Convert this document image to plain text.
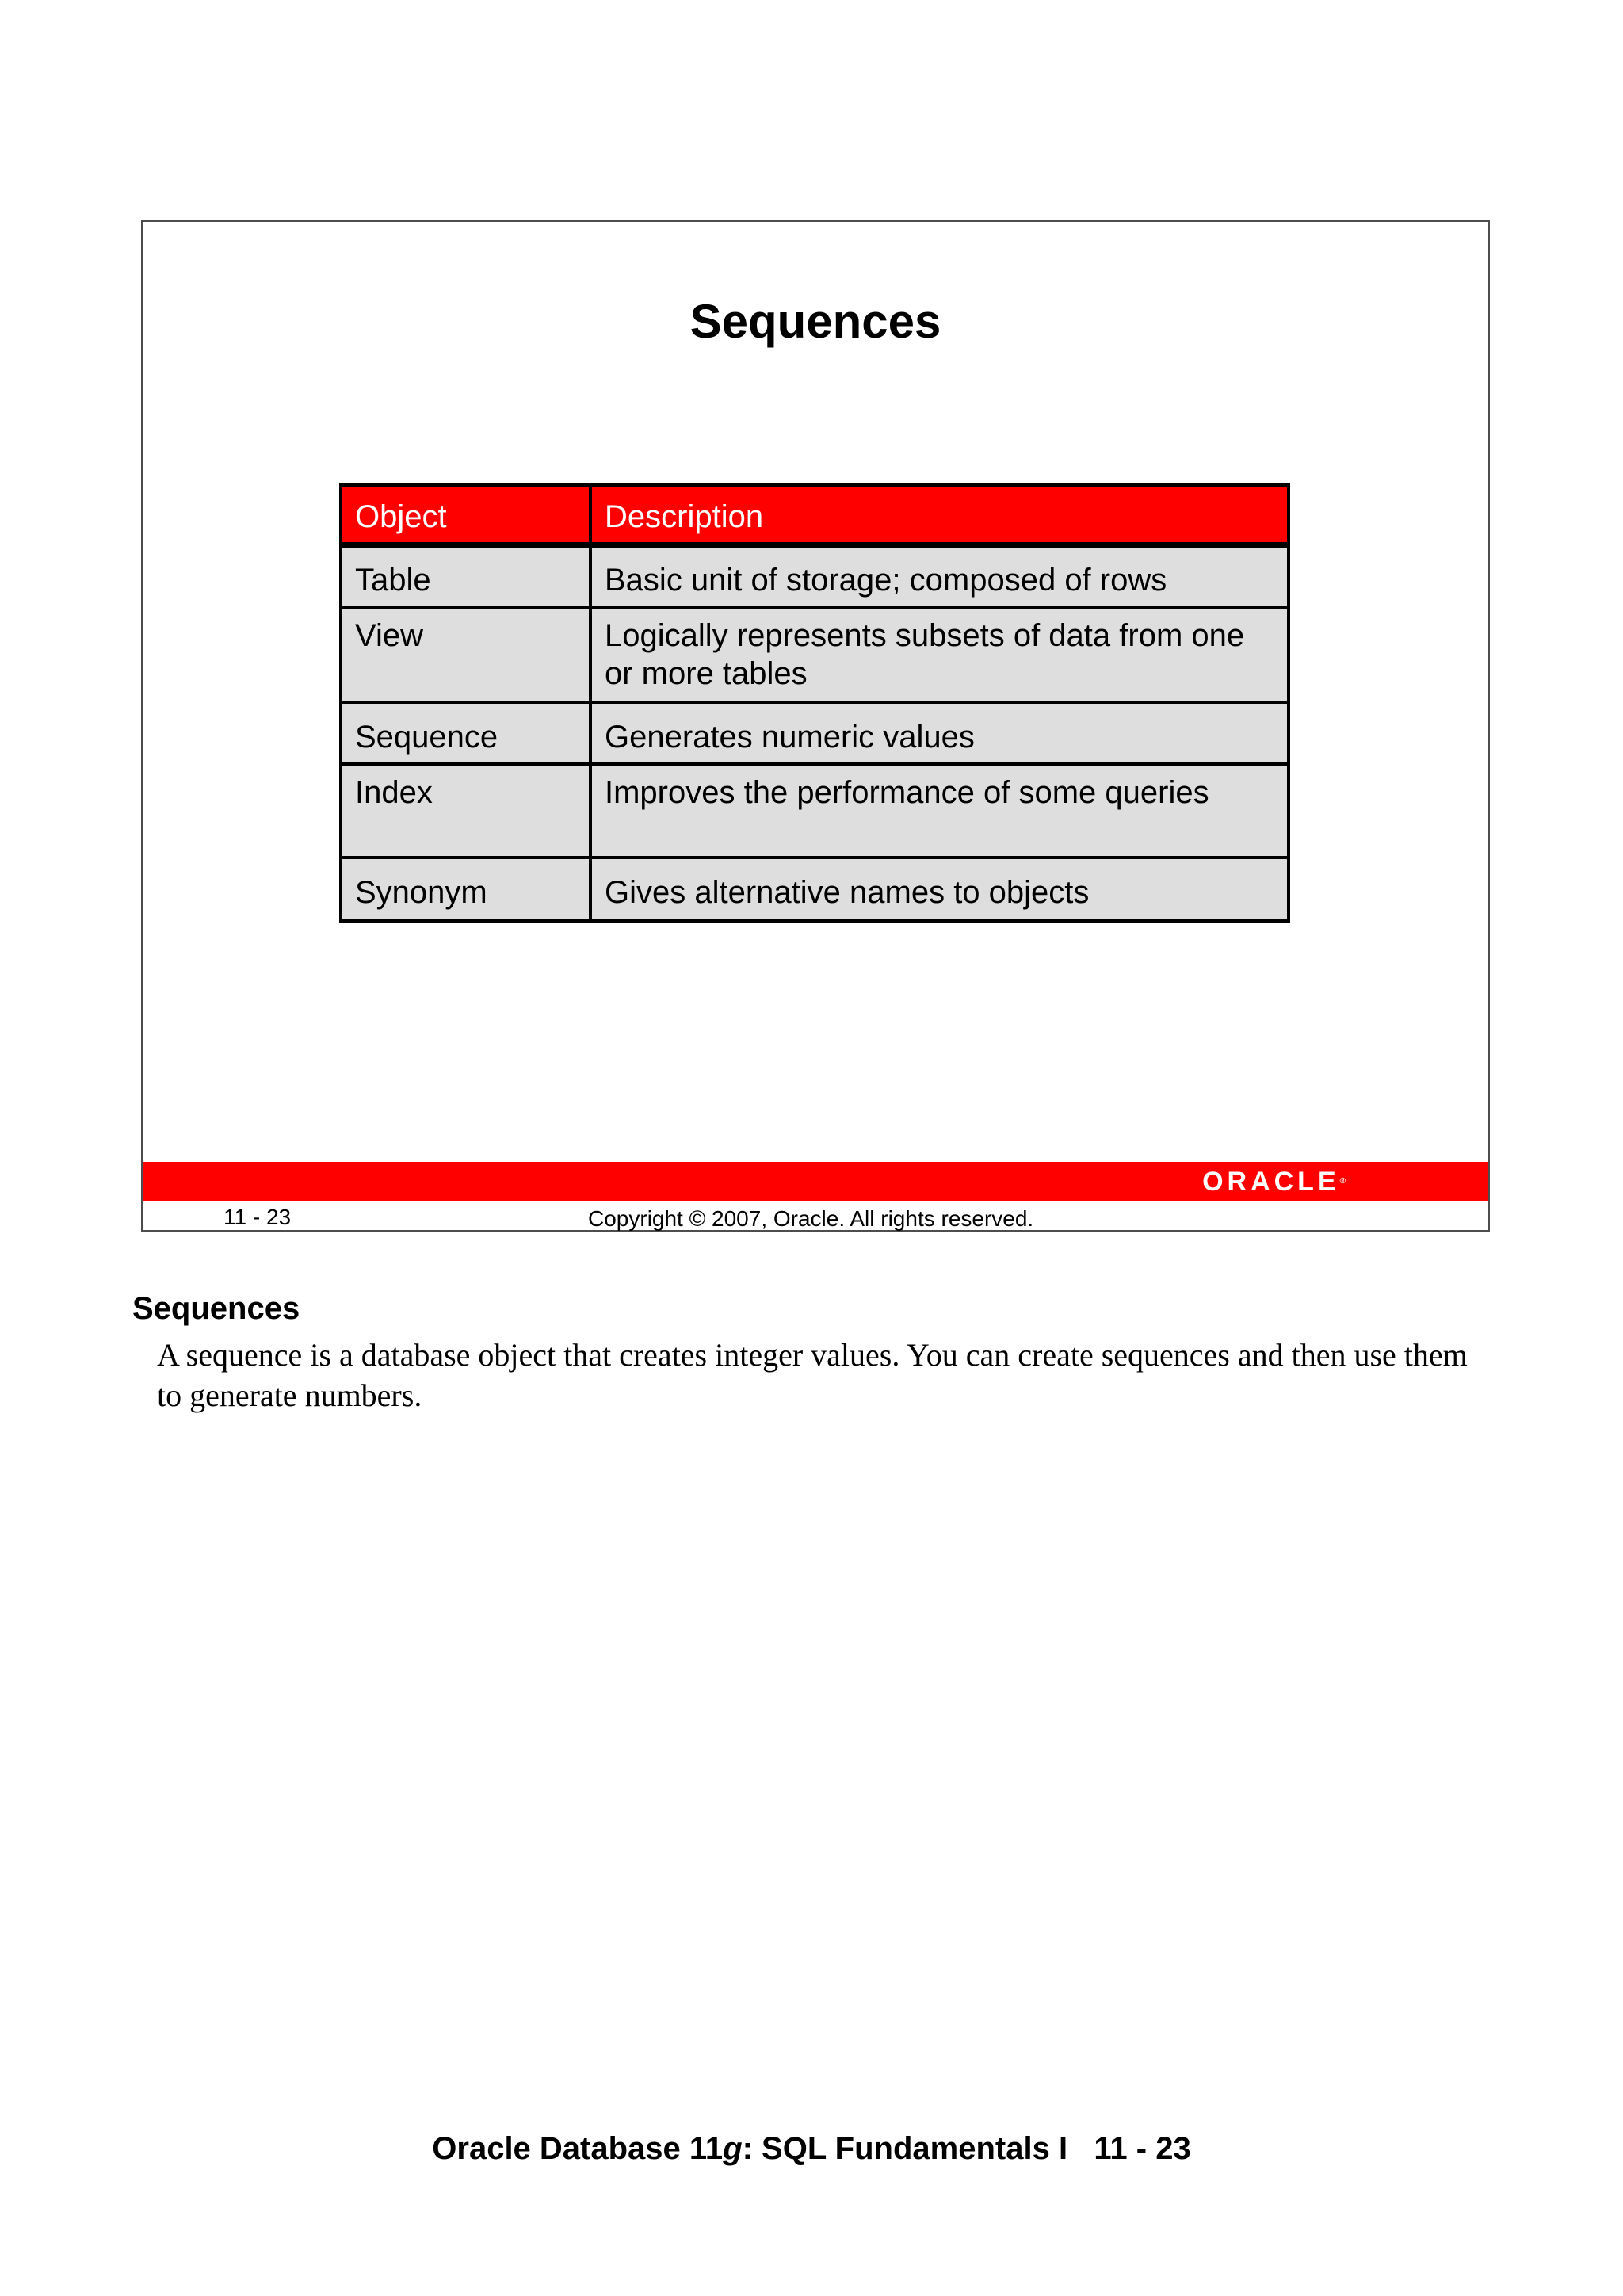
Sequences
Object	Description
Table	Basic unit of storage; composed of rows
View	Logically represents subsets of data from one or more tables
Sequence	Generates numeric values
Index	Improves the performance of some queries
Synonym	Gives alternative names to objects
ORACLE®

11 - 23	Copyright © 2007, Oracle. All rights reserved.

Sequences

A sequence is a database object that creates integer values. You can create sequences and then use them to generate numbers.

Oracle Database 11g: SQL Fundamentals I   11 - 23
